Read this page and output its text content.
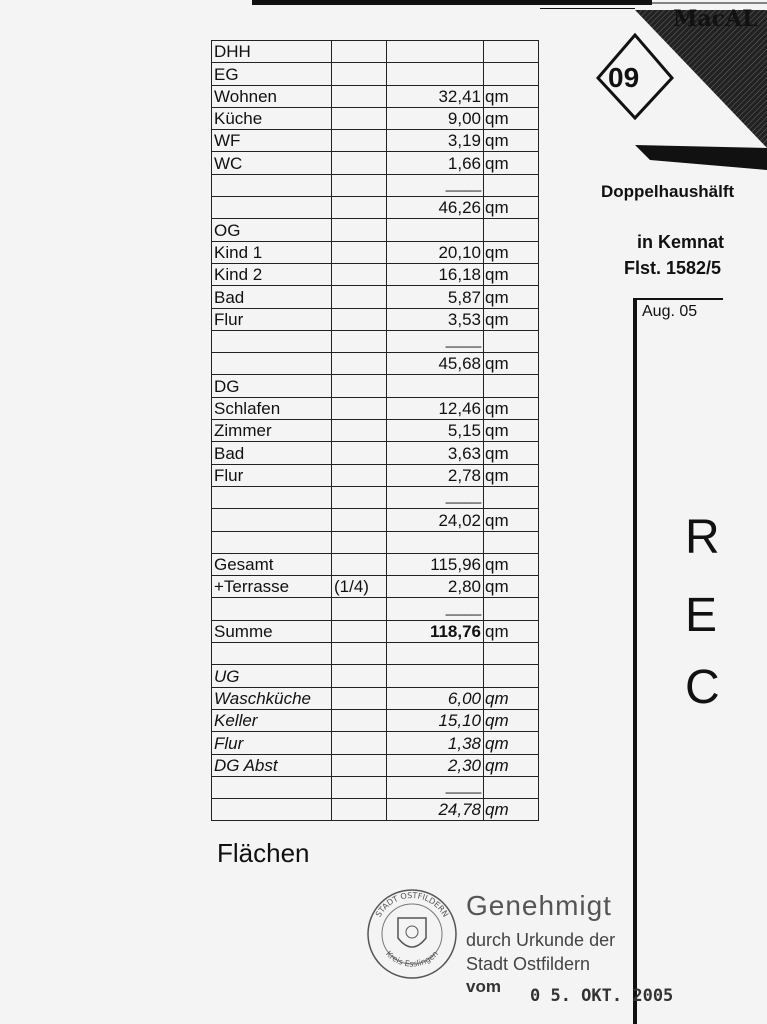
DHH			
EG			
Wohnen		32,41	qm
Küche		9,00	qm
WF		3,19	qm
WC		1,66	qm
		------------	
		46,26	qm
OG			
Kind 1		20,10	qm
Kind 2		16,18	qm
Bad		5,87	qm
Flur		3,53	qm
		------------	
		45,68	qm
DG			
Schlafen		12,46	qm
Zimmer		5,15	qm
Bad		3,63	qm
Flur		2,78	qm
		------------	
		24,02	qm

Gesamt		115,96	qm
+Terrasse	(1/4)	2,80	qm
		------------	
Summe		118,76	qm

UG			
Waschküche		6,00	qm
Keller		15,10	qm
Flur		1,38	qm
DG Abst		2,30	qm
		------------	
		24,78	qm
Flächen
MacAL
09
Doppelhaushälft
in Kemnat
Flst. 1582/5
Aug. 05
R
E
C
STADT OSTFILDERN
Kreis Esslingen
Genehmigt
durch Urkunde der
Stadt Ostfildern
vom 0 5. OKT. 2005
